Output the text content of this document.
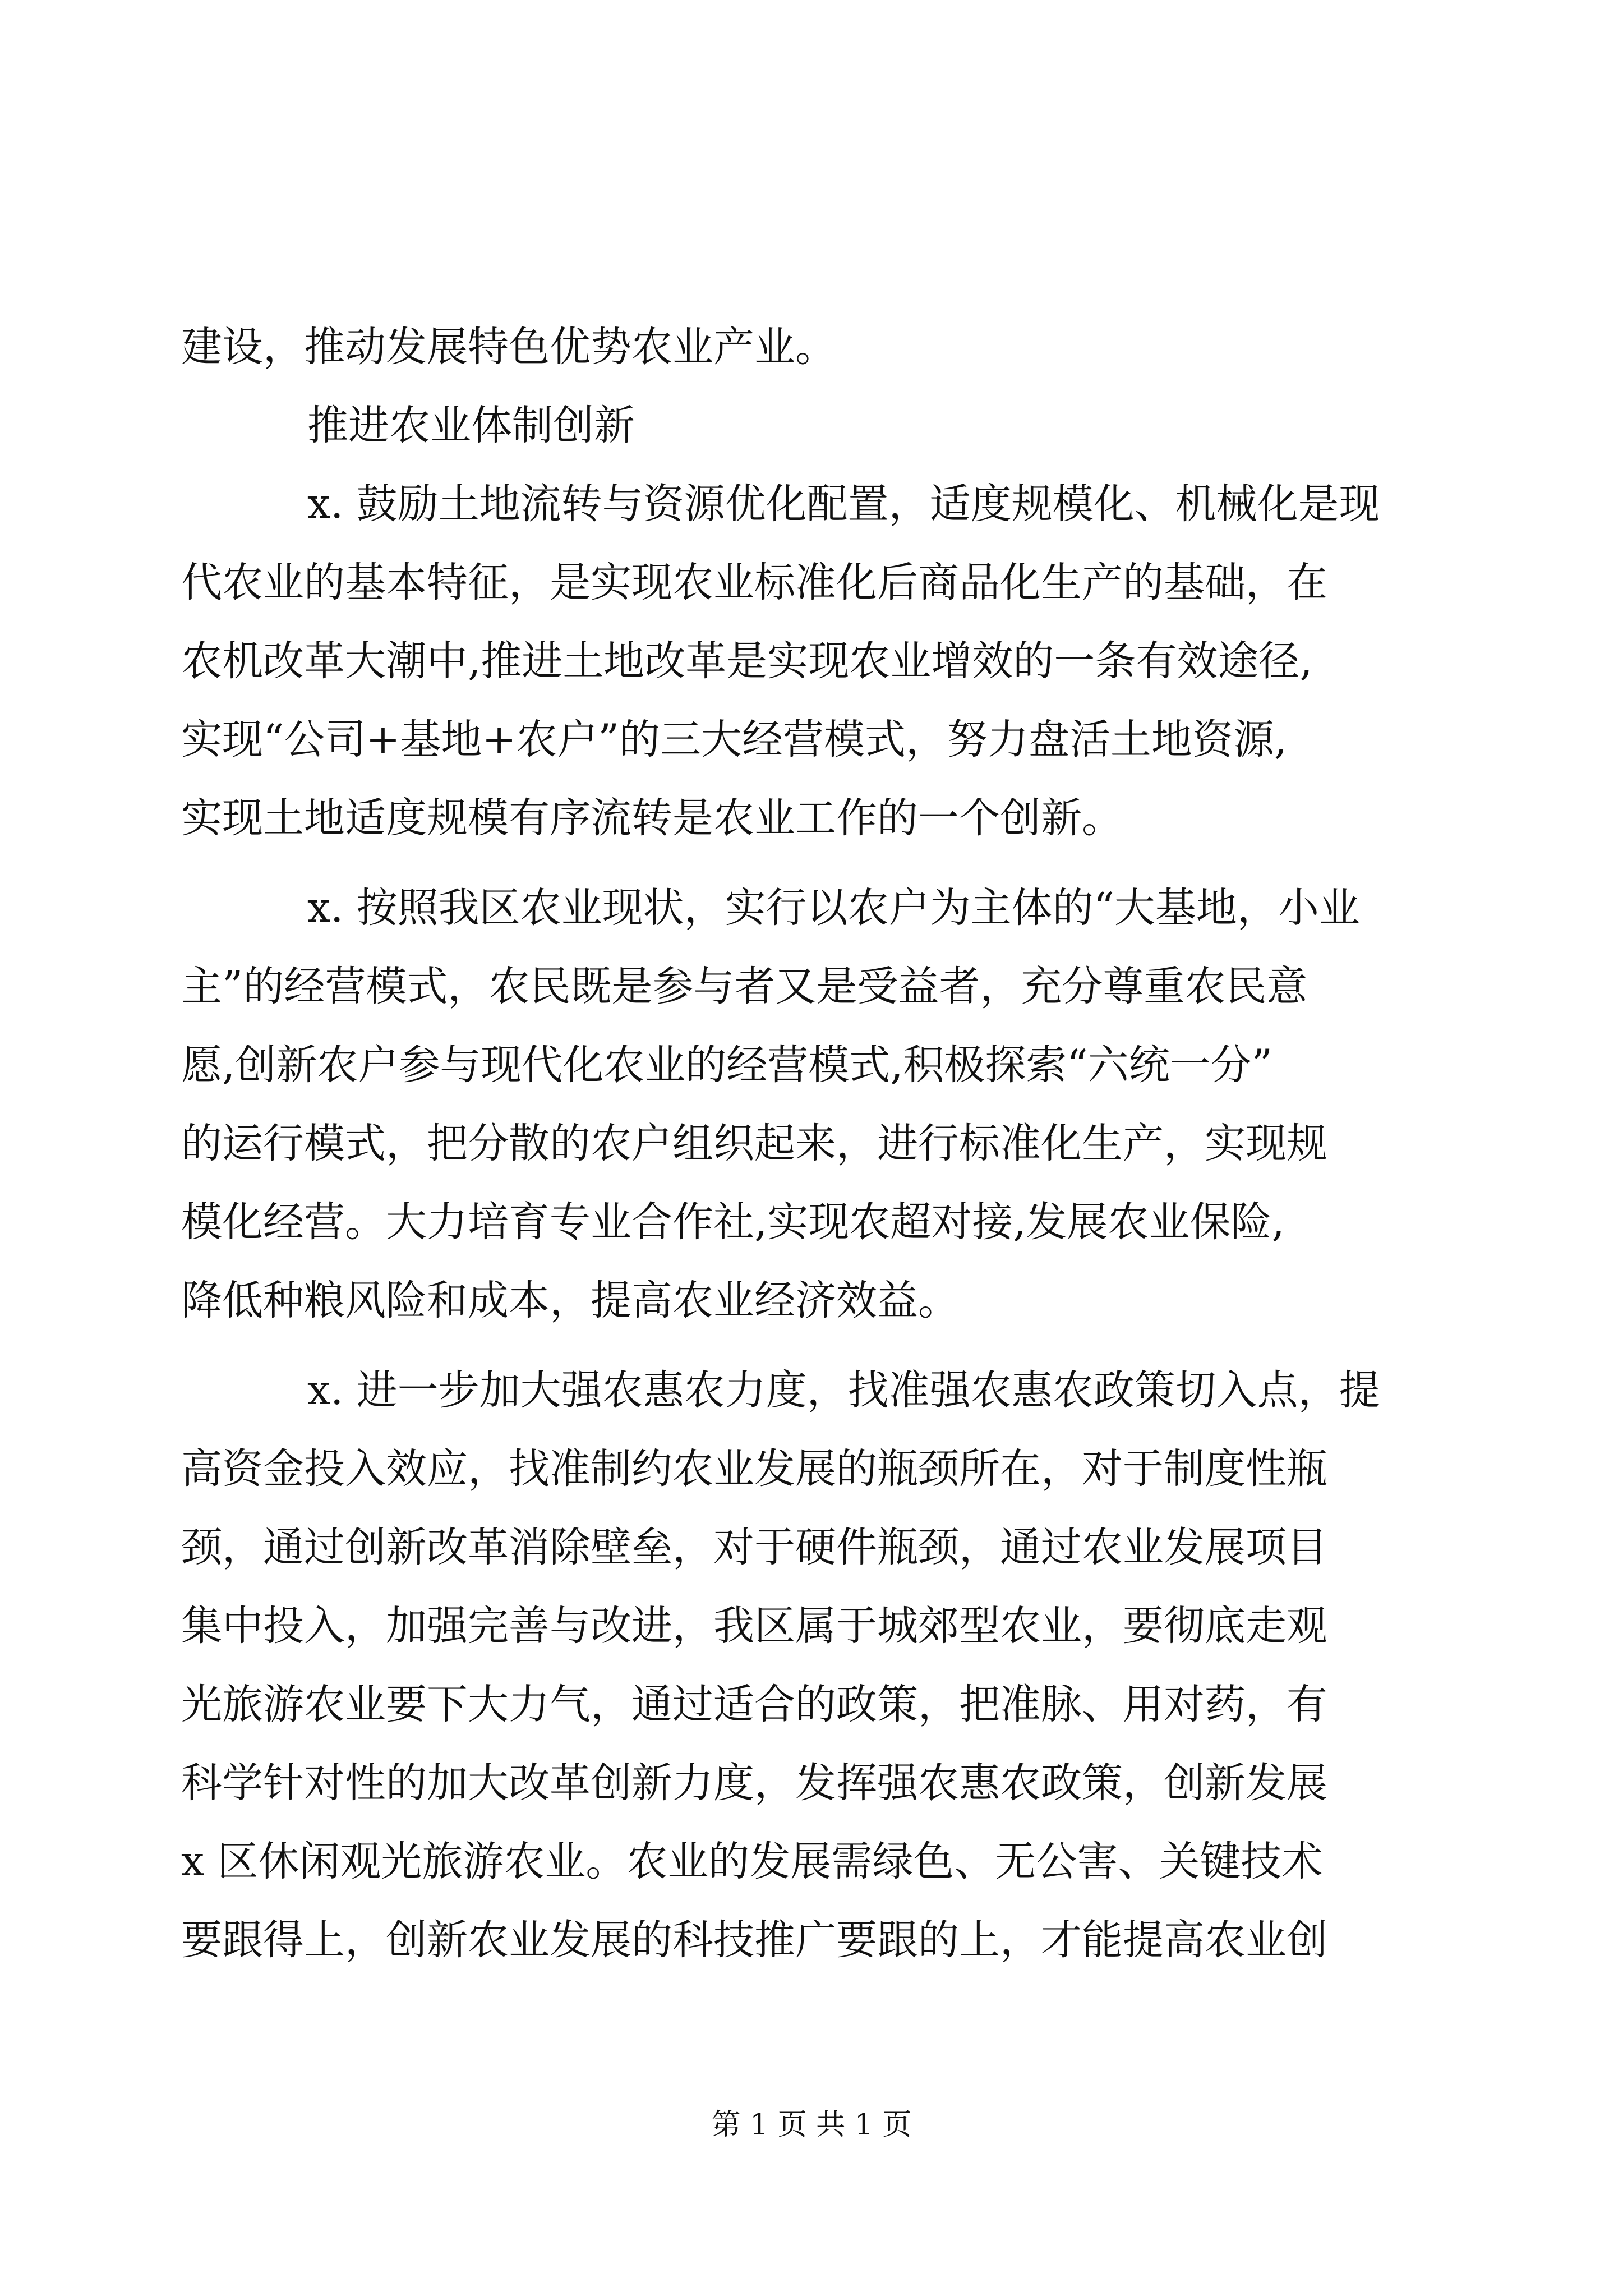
建设，推动发展特色优势农业产业。
推进农业体制创新
x. 鼓励土地流转与资源优化配置，适度规模化、机械化是现
代农业的基本特征，是实现农业标准化后商品化生产的基础，在
农机改革大潮中,推进土地改革是实现农业增效的一条有效途径,
实现“公司+基地+农户”的三大经营模式，努力盘活土地资源,
实现土地适度规模有序流转是农业工作的一个创新。
x. 按照我区农业现状，实行以农户为主体的“大基地，小业
主”的经营模式，农民既是参与者又是受益者，充分尊重农民意
愿,创新农户参与现代化农业的经营模式,积极探索“六统一分”
的运行模式，把分散的农户组织起来，进行标准化生产，实现规
模化经营。大力培育专业合作社,实现农超对接,发展农业保险,
降低种粮风险和成本，提高农业经济效益。
x. 进一步加大强农惠农力度，找准强农惠农政策切入点，提
高资金投入效应，找准制约农业发展的瓶颈所在，对于制度性瓶
颈，通过创新改革消除壁垒，对于硬件瓶颈，通过农业发展项目
集中投入，加强完善与改进，我区属于城郊型农业，要彻底走观
光旅游农业要下大力气，通过适合的政策，把准脉、用对药，有
科学针对性的加大改革创新力度，发挥强农惠农政策，创新发展
x 区休闲观光旅游农业。农业的发展需绿色、无公害、关键技术
要跟得上，创新农业发展的科技推广要跟的上，才能提高农业创
第 1 页 共 1 页
